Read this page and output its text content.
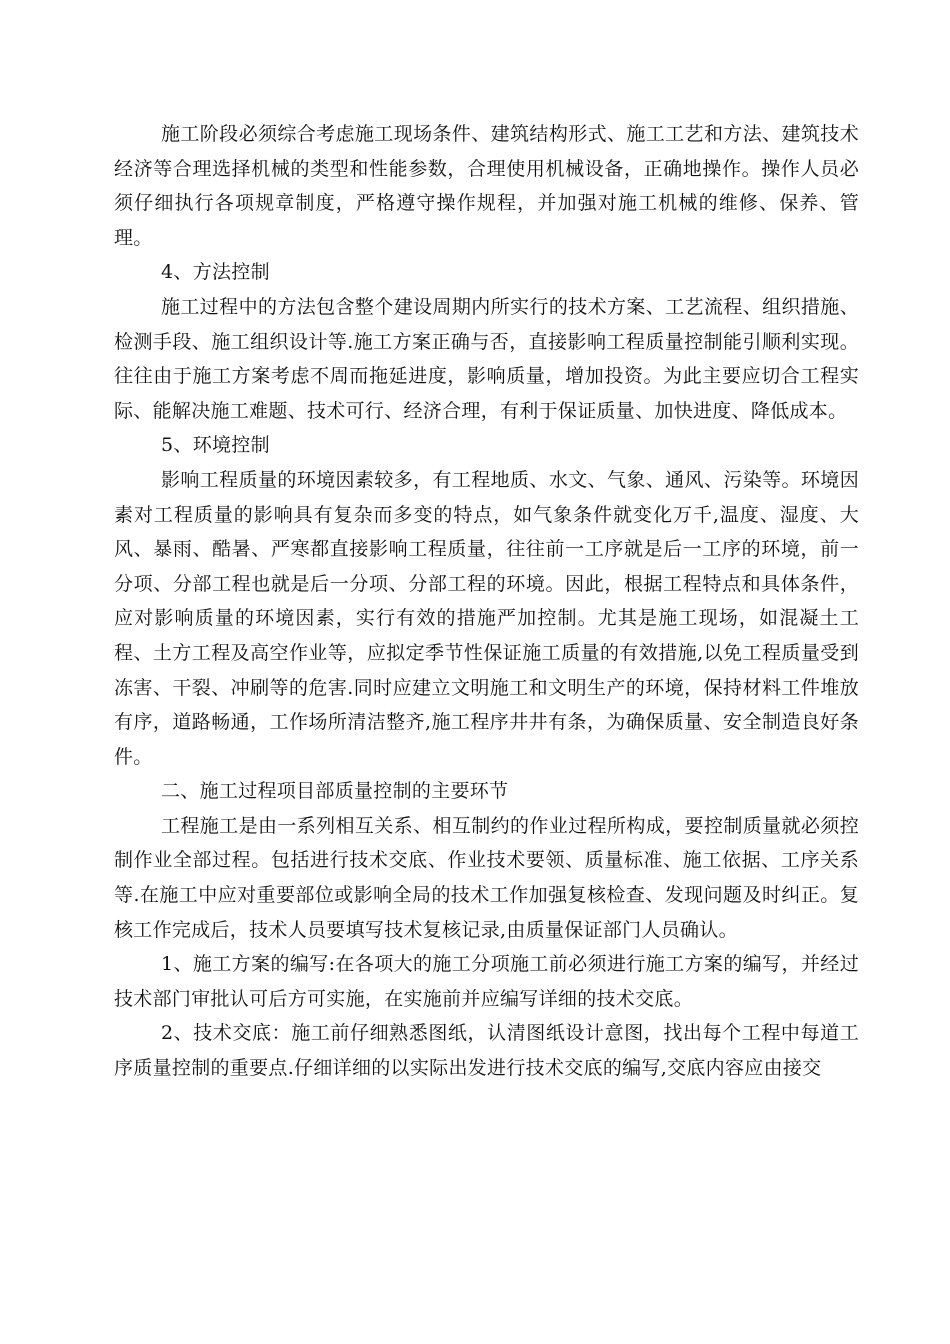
施工阶段必须综合考虑施工现场条件、建筑结构形式、施工工艺和方法、建筑技术经济等合理选择机械的类型和性能参数，合理使用机械设备，正确地操作。操作人员必须仔细执行各项规章制度，严格遵守操作规程，并加强对施工机械的维修、保养、管理。

4、方法控制

施工过程中的方法包含整个建设周期内所实行的技术方案、工艺流程、组织措施、检测手段、施工组织设计等.施工方案正确与否，直接影响工程质量控制能引顺利实现。往往由于施工方案考虑不周而拖延进度，影响质量，增加投资。为此主要应切合工程实际、能解决施工难题、技术可行、经济合理，有利于保证质量、加快进度、降低成本。

5、环境控制

影响工程质量的环境因素较多，有工程地质、水文、气象、通风、污染等。环境因素对工程质量的影响具有复杂而多变的特点，如气象条件就变化万千,温度、湿度、大风、暴雨、酷暑、严寒都直接影响工程质量，往往前一工序就是后一工序的环境，前一分项、分部工程也就是后一分项、分部工程的环境。因此，根据工程特点和具体条件，应对影响质量的环境因素，实行有效的措施严加控制。尤其是施工现场，如混凝土工程、土方工程及高空作业等，应拟定季节性保证施工质量的有效措施,以免工程质量受到冻害、干裂、冲刷等的危害.同时应建立文明施工和文明生产的环境，保持材料工件堆放有序，道路畅通，工作场所清洁整齐,施工程序井井有条，为确保质量、安全制造良好条件。

二、施工过程项目部质量控制的主要环节

工程施工是由一系列相互关系、相互制约的作业过程所构成，要控制质量就必须控制作业全部过程。包括进行技术交底、作业技术要领、质量标准、施工依据、工序关系等.在施工中应对重要部位或影响全局的技术工作加强复核检查、发现问题及时纠正。复核工作完成后，技术人员要填写技术复核记录,由质量保证部门人员确认。

1、施工方案的编写:在各项大的施工分项施工前必须进行施工方案的编写，并经过技术部门审批认可后方可实施，在实施前并应编写详细的技术交底。

2、技术交底：施工前仔细熟悉图纸，认清图纸设计意图，找出每个工程中每道工序质量控制的重要点.仔细详细的以实际出发进行技术交底的编写,交底内容应由接交
